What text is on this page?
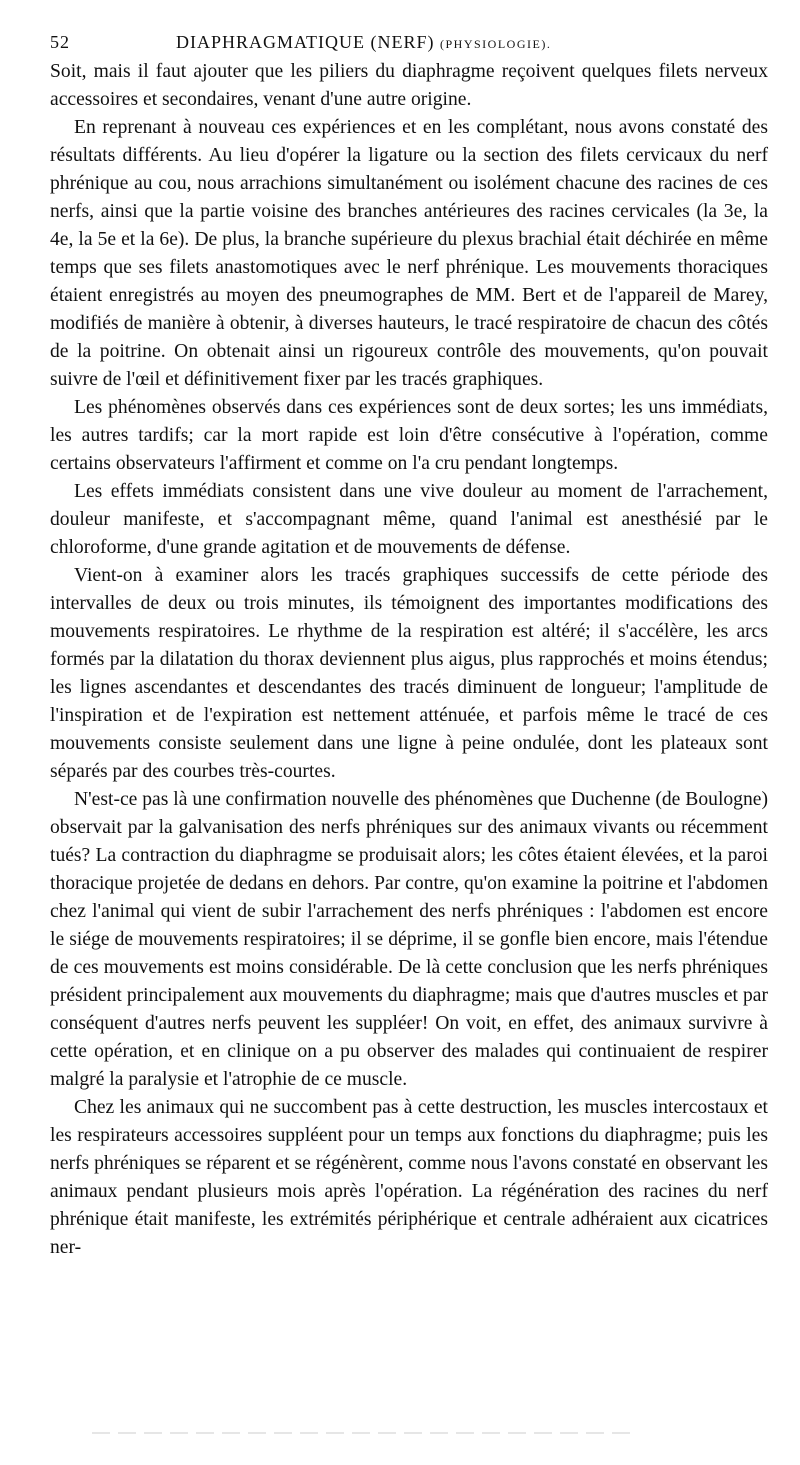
52	DIAPHRAGMATIQUE (NERF) (PHYSIOLOGIE).

Soit, mais il faut ajouter que les piliers du diaphragme reçoivent quelques filets nerveux accessoires et secondaires, venant d'une autre origine.

En reprenant à nouveau ces expériences et en les complétant, nous avons constaté des résultats différents. Au lieu d'opérer la ligature ou la section des filets cervicaux du nerf phrénique au cou, nous arrachions simultanément ou isolément chacune des racines de ces nerfs, ainsi que la partie voisine des branches antérieures des racines cervicales (la 3e, la 4e, la 5e et la 6e). De plus, la branche supérieure du plexus brachial était déchirée en même temps que ses filets anastomotiques avec le nerf phrénique. Les mouvements thoraciques étaient enregistrés au moyen des pneumographes de MM. Bert et de l'appareil de Marey, modifiés de manière à obtenir, à diverses hauteurs, le tracé respiratoire de chacun des côtés de la poitrine. On obtenait ainsi un rigoureux contrôle des mouvements, qu'on pouvait suivre de l'œil et définitivement fixer par les tracés graphiques.

Les phénomènes observés dans ces expériences sont de deux sortes; les uns immédiats, les autres tardifs; car la mort rapide est loin d'être consécutive à l'opération, comme certains observateurs l'affirment et comme on l'a cru pendant longtemps.

Les effets immédiats consistent dans une vive douleur au moment de l'arrachement, douleur manifeste, et s'accompagnant même, quand l'animal est anesthésié par le chloroforme, d'une grande agitation et de mouvements de défense.

Vient-on à examiner alors les tracés graphiques successifs de cette période des intervalles de deux ou trois minutes, ils témoignent des importantes modifications des mouvements respiratoires. Le rhythme de la respiration est altéré; il s'accélère, les arcs formés par la dilatation du thorax deviennent plus aigus, plus rapprochés et moins étendus; les lignes ascendantes et descendantes des tracés diminuent de longueur; l'amplitude de l'inspiration et de l'expiration est nettement atténuée, et parfois même le tracé de ces mouvements consiste seulement dans une ligne à peine ondulée, dont les plateaux sont séparés par des courbes très-courtes.

N'est-ce pas là une confirmation nouvelle des phénomènes que Duchenne (de Boulogne) observait par la galvanisation des nerfs phréniques sur des animaux vivants ou récemment tués? La contraction du diaphragme se produisait alors; les côtes étaient élevées, et la paroi thoracique projetée de dedans en dehors. Par contre, qu'on examine la poitrine et l'abdomen chez l'animal qui vient de subir l'arrachement des nerfs phréniques : l'abdomen est encore le siége de mouvements respiratoires; il se déprime, il se gonfle bien encore, mais l'étendue de ces mouvements est moins considérable. De là cette conclusion que les nerfs phréniques président principalement aux mouvements du diaphragme; mais que d'autres muscles et par conséquent d'autres nerfs peuvent les suppléer! On voit, en effet, des animaux survivre à cette opération, et en clinique on a pu observer des malades qui continuaient de respirer malgré la paralysie et l'atrophie de ce muscle.

Chez les animaux qui ne succombent pas à cette destruction, les muscles intercostaux et les respirateurs accessoires suppléent pour un temps aux fonctions du diaphragme; puis les nerfs phréniques se réparent et se régénèrent, comme nous l'avons constaté en observant les animaux pendant plusieurs mois après l'opération. La régénération des racines du nerf phrénique était manifeste, les extrémités périphérique et centrale adhéraient aux cicatrices ner-
